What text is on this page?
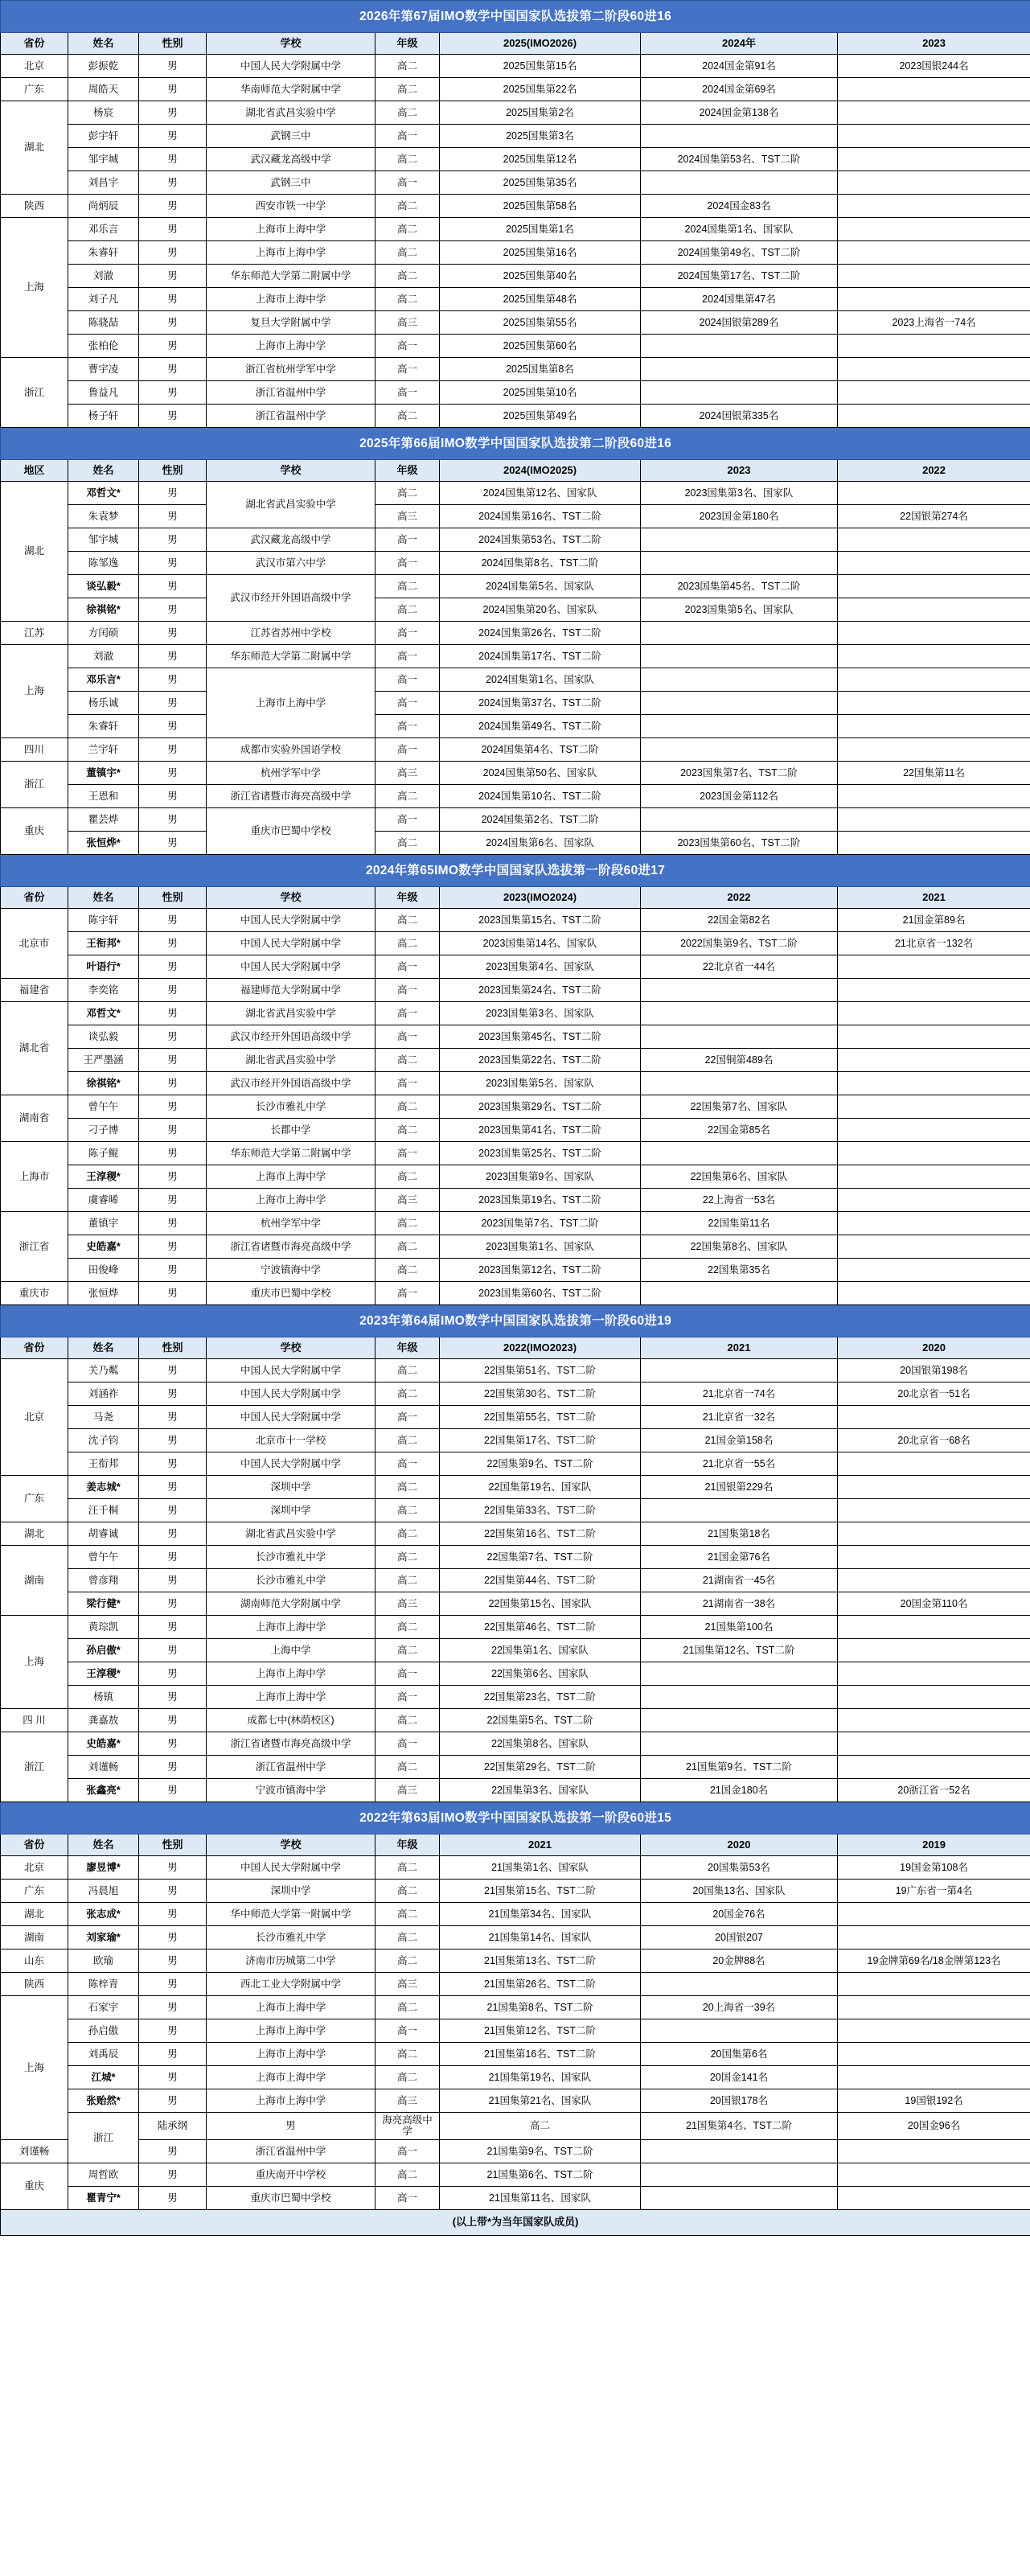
2026年第67届IMO数学中国国家队选拔第二阶段60进16								
省份	姓名	性别	学校	年级	2025(IMO2026)	2024年	2023	
北京	彭振乾	男	中国人民大学附属中学	高二	2025国集第15名	2024国金第91名	2023国银244名	
广东	周皓天	男	华南师范大学附属中学	高二	2025国集第22名	2024国金第69名		
湖北	杨宸	男	湖北省武昌实验中学	高二	2025国集第2名	2024国金第138名		
	彭宇轩	男	武钢三中	高一	2025国集第3名			
	邹宇城	男	武汉藏龙高级中学	高二	2025国集第12名	2024国集第53名、TST二阶		
	刘昌宇	男	武钢三中	高一	2025国集第35名			
陕西	尚炳辰	男	西安市铁一中学	高二	2025国集第58名	2024国金83名		
上海	邓乐言	男	上海市上海中学	高二	2025国集第1名	2024国集第1名、国家队		
	朱睿轩	男	上海市上海中学	高二	2025国集第16名	2024国集第49名、TST二阶		
	刘澈	男	华东师范大学第二附属中学	高二	2025国集第40名	2024国集第17名、TST二阶		
	刘子凡	男	上海市上海中学	高二	2025国集第48名	2024国集第47名		
	陈骁喆	男	复旦大学附属中学	高三	2025国集第55名	2024国银第289名	2023上海省一74名	
	张柏伦	男	上海市上海中学	高一	2025国集第60名			
浙江	曹宇凌	男	浙江省杭州学军中学	高一	2025国集第8名			
	鲁益凡	男	浙江省温州中学	高一	2025国集第10名			
	杨子轩	男	浙江省温州中学	高二	2025国集第49名	2024国银第335名		
2025年第66届IMO数学中国国家队选拔第二阶段60进16								
地区	姓名	性别	学校	年级	2024(IMO2025)	2023	2022	
湖北	邓哲文*	男	湖北省武昌实验中学	高二	2024国集第12名、国家队	2023国集第3名、国家队		
	朱袁梦	男		高三	2024国集第16名、TST二阶	2023国金第180名	22国银第274名	
	邹宇城	男	武汉藏龙高级中学	高一	2024国集第53名、TST二阶			
	陈邹逸	男	武汉市第六中学	高一	2024国集第8名、TST二阶			
	谈弘毅*	男	武汉市经开外国语高级中学	高二	2024国集第5名、国家队	2023国集第45名、TST二阶		
	徐祺铭*	男		高二	2024国集第20名、国家队	2023国集第5名、国家队		
江苏	方闰硕	男	江苏省苏州中学校	高一	2024国集第26名、TST二阶			
上海	刘澈	男	华东师范大学第二附属中学	高一	2024国集第17名、TST二阶			
	邓乐言*	男	上海市上海中学	高一	2024国集第1名、国家队			
	杨乐诚	男		高一	2024国集第37名、TST二阶			
	朱睿轩	男		高一	2024国集第49名、TST二阶			
四川	兰宇轩	男	成都市实验外国语学校	高一	2024国集第4名、TST二阶			
浙江	董镇宇*	男	杭州学军中学	高三	2024国集第50名、国家队	2023国集第7名、TST二阶	22国集第11名	
	王恩和	男	浙江省诸暨市海亮高级中学	高二	2024国集第10名、TST二阶	2023国金第112名		
重庆	瞿芸烨	男	重庆市巴蜀中学校	高一	2024国集第2名、TST二阶			
	张恒烨*	男		高二	2024国集第6名、国家队	2023国集第60名、TST二阶		
2024年第65IMO数学中国国家队选拔第一阶段60进17								
省份	姓名	性别	学校	年级	2023(IMO2024)	2022	2021	
北京市	陈宇轩	男	中国人民大学附属中学	高二	2023国集第15名、TST二阶	22国金第82名	21国金第89名	
	王衔邦*	男	中国人民大学附属中学	高二	2023国集第14名、国家队	2022国集第9名、TST二阶	21北京省一132名	
	叶语行*	男	中国人民大学附属中学	高一	2023国集第4名、国家队	22北京省一44名		
福建省	李奕铭	男	福建师范大学附属中学	高一	2023国集第24名、TST二阶			
湖北省	邓哲文*	男	湖北省武昌实验中学	高一	2023国集第3名、国家队			
	谈弘毅	男	武汉市经开外国语高级中学	高一	2023国集第45名、TST二阶			
	王严墨涵	男	湖北省武昌实验中学	高二	2023国集第22名、TST二阶	22国铜第489名		
	徐祺铭*	男	武汉市经开外国语高级中学	高一	2023国集第5名、国家队			
湖南省	曾午午	男	长沙市雅礼中学	高二	2023国集第29名、TST二阶	22国集第7名、国家队		
	刁子博	男	长郡中学	高二	2023国集第41名、TST二阶	22国金第85名		
上海市	陈子鲲	男	华东师范大学第二附属中学	高一	2023国集第25名、TST二阶			
	王淳稷*	男	上海市上海中学	高二	2023国集第9名、国家队	22国集第6名、国家队		
	虞睿晞	男	上海市上海中学	高三	2023国集第19名、TST二阶	22上海省一53名		
浙江省	董镇宇	男	杭州学军中学	高二	2023国集第7名、TST二阶	22国集第11名		
	史皓嘉*	男	浙江省诸暨市海亮高级中学	高二	2023国集第1名、国家队	22国集第8名、国家队		
	田俊峰	男	宁波镇海中学	高二	2023国集第12名、TST二阶	22国集第35名		
重庆市	张恒烨	男	重庆市巴蜀中学校	高一	2023国集第60名、TST二阶			
2023年第64届IMO数学中国国家队选拔第一阶段60进19								
省份	姓名	性别	学校	年级	2022(IMO2023)	2021	2020	
北京	关乃粼	男	中国人民大学附属中学	高二	22国集第51名、TST二阶		20国银第198名	
	刘涵祚	男	中国人民大学附属中学	高二	22国集第30名、TST二阶	21北京省一74名	20北京省一51名	
	马尧	男	中国人民大学附属中学	高一	22国集第55名、TST二阶	21北京省一32名		
	沈子钧	男	北京市十一学校	高二	22国集第17名、TST二阶	21国金第158名	20北京省一68名	
	王衔邦	男	中国人民大学附属中学	高一	22国集第9名、TST二阶	21北京省一55名		
广东	姜志城*	男	深圳中学	高二	22国集第19名、国家队	21国银第229名		
	汪千桐	男	深圳中学	高二	22国集第33名、TST二阶			
湖北	胡睿诚	男	湖北省武昌实验中学	高二	22国集第16名、TST二阶	21国集第18名		
湖南	曾午午	男	长沙市雅礼中学	高二	22国集第7名、TST二阶	21国金第76名		
	曾彦翔	男	长沙市雅礼中学	高二	22国集第44名、TST二阶	21湖南省一45名		
	梁行健*	男	湖南师范大学附属中学	高三	22国集第15名、国家队	21湖南省一38名	20国金第110名	
上海	黄琮凯	男	上海市上海中学	高二	22国集第46名、TST二阶	21国集第100名		
	孙启傲*	男	上海中学	高二	22国集第1名、国家队	21国集第12名、TST二阶		
	王淳稷*	男	上海市上海中学	高一	22国集第6名、国家队			
	杨镇	男	上海市上海中学	高一	22国集第23名、TST二阶			
四 川	龚嘉敖	男	成都七中(林荫校区)	高二	22国集第5名、TST二阶			
浙江	史皓嘉*	男	浙江省诸暨市海亮高级中学	高一	22国集第8名、国家队			
	刘谨畅	男	浙江省温州中学	高二	22国集第29名、TST二阶	21国集第9名、TST二阶		
	张鑫亮*	男	宁波市镇海中学	高三	22国集第3名、国家队	21国金180名	20浙江省一52名	
2022年第63届IMO数学中国国家队选拔第一阶段60进15								
省份	姓名	性别	学校	年级	2021	2020	2019	
北京	廖昱博*	男	中国人民大学附属中学	高二	21国集第1名、国家队	20国集第53名	19国金第108名	
广东	冯晨旭	男	深圳中学	高二	21国集第15名、TST二阶	20国集13名、国家队	19广东省一第4名	
湖北	张志成*	男	华中师范大学第一附属中学	高二	21国集第34名、国家队	20国金76名		
湖南	刘家瑜*	男	长沙市雅礼中学	高二	21国集第14名、国家队	20国银207		
山东	欧瑜	男	济南市历城第二中学	高二	21国集第13名、TST二阶	20金牌88名	19金牌第69名/18金牌第123名	
陕西	陈梓青	男	西北工业大学附属中学	高三	21国集第26名、TST二阶			
上海	石家宇	男	上海市上海中学	高二	21国集第8名、TST二阶	20上海省一39名		
	孙启傲	男	上海市上海中学	高一	21国集第12名、TST二阶			
	刘禹辰	男	上海市上海中学	高二	21国集第16名、TST二阶	20国集第6名		
	江城*	男	上海市上海中学	高二	21国集第19名、国家队	20国金141名		
	张贻然*	男	上海市上海中学	高三	21国集第21名、国家队	20国银178名	19国银192名	
	浙江	陆承纲	男	海亮高级中学	高二	21国集第4名、TST二阶	20国金96名	
刘谨畅		男	浙江省温州中学	高一	21国集第9名、TST二阶			
重庆	周哲欧	男	重庆南开中学校	高二	21国集第6名、TST二阶			
	瞿青宁*	男	重庆市巴蜀中学校	高一	21国集第11名、国家队			
(以上带*为当年国家队成员)								
